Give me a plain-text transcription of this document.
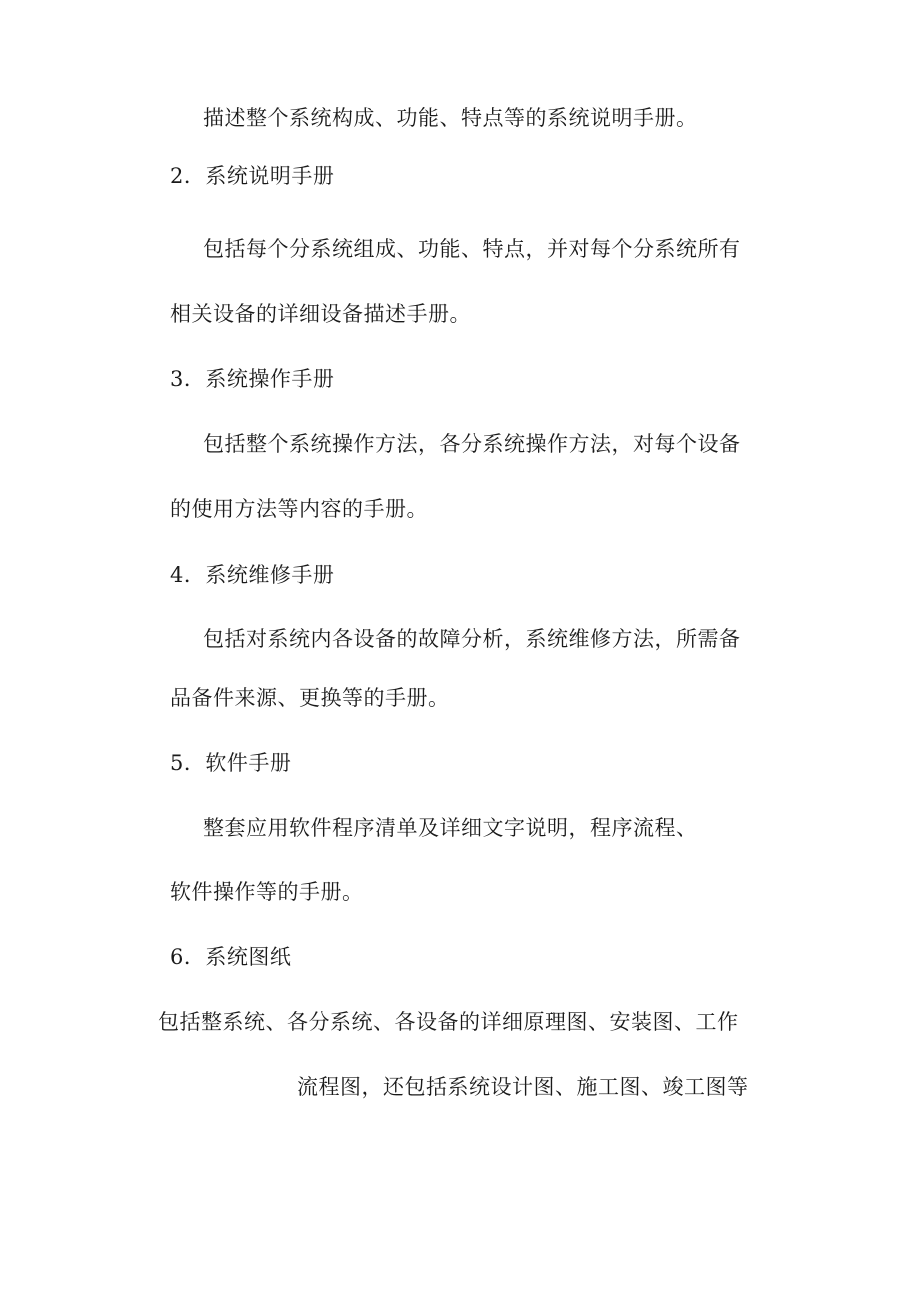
描述整个系统构成、功能、特点等的系统说明手册。
2．系统说明手册
包括每个分系统组成、功能、特点，并对每个分系统所有
相关设备的详细设备描述手册。
3．系统操作手册
包括整个系统操作方法，各分系统操作方法，对每个设备
的使用方法等内容的手册。
4．系统维修手册
包括对系统内各设备的故障分析，系统维修方法，所需备
品备件来源、更换等的手册。
5．软件手册
整套应用软件程序清单及详细文字说明，程序流程、
软件操作等的手册。
6．系统图纸
包括整系统、各分系统、各设备的详细原理图、安装图、工作
流程图，还包括系统设计图、施工图、竣工图等
